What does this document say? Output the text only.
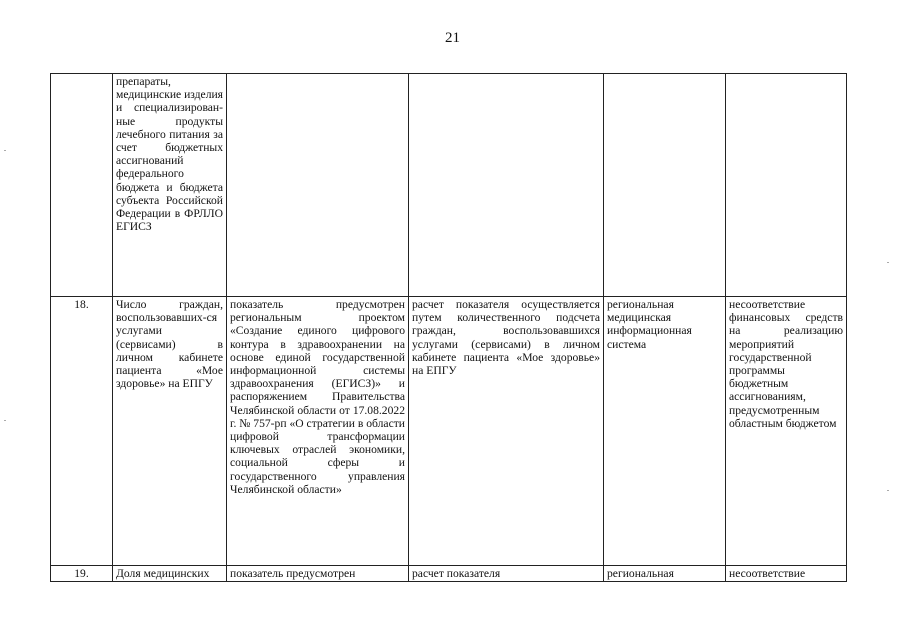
21
	препараты, медицинские изделия и специализирован-ные продукты лечебного питания за счет бюджетных ассигнований федерального бюджета и бюджета субъекта Российской Федерации в ФРЛЛО ЕГИСЗ				
18.	Число граждан, воспользовавших-ся услугами (сервисами) в личном кабинете пациента «Мое здоровье» на ЕПГУ	показатель предусмотрен региональным проектом «Создание единого цифрового контура в здравоохранении на основе единой государственной информационной системы здравоохранения (ЕГИСЗ)» и распоряжением Правительства Челябинской области от 17.08.2022 г. № 757-рп «О стратегии в области цифровой трансформации ключевых отраслей экономики, социальной сферы и государственного управления Челябинской области»	расчет показателя осуществляется путем количественного подсчета граждан, воспользовавшихся услугами (сервисами) в личном кабинете пациента «Мое здоровье» на ЕПГУ	региональная медицинская информационная система	несоответствие финансовых средств на реализацию мероприятий государственной программы бюджетным ассигнованиям, предусмотренным областным бюджетом
19.	Доля медицинских	показатель предусмотрен	расчет показателя	региональная	несоответствие
